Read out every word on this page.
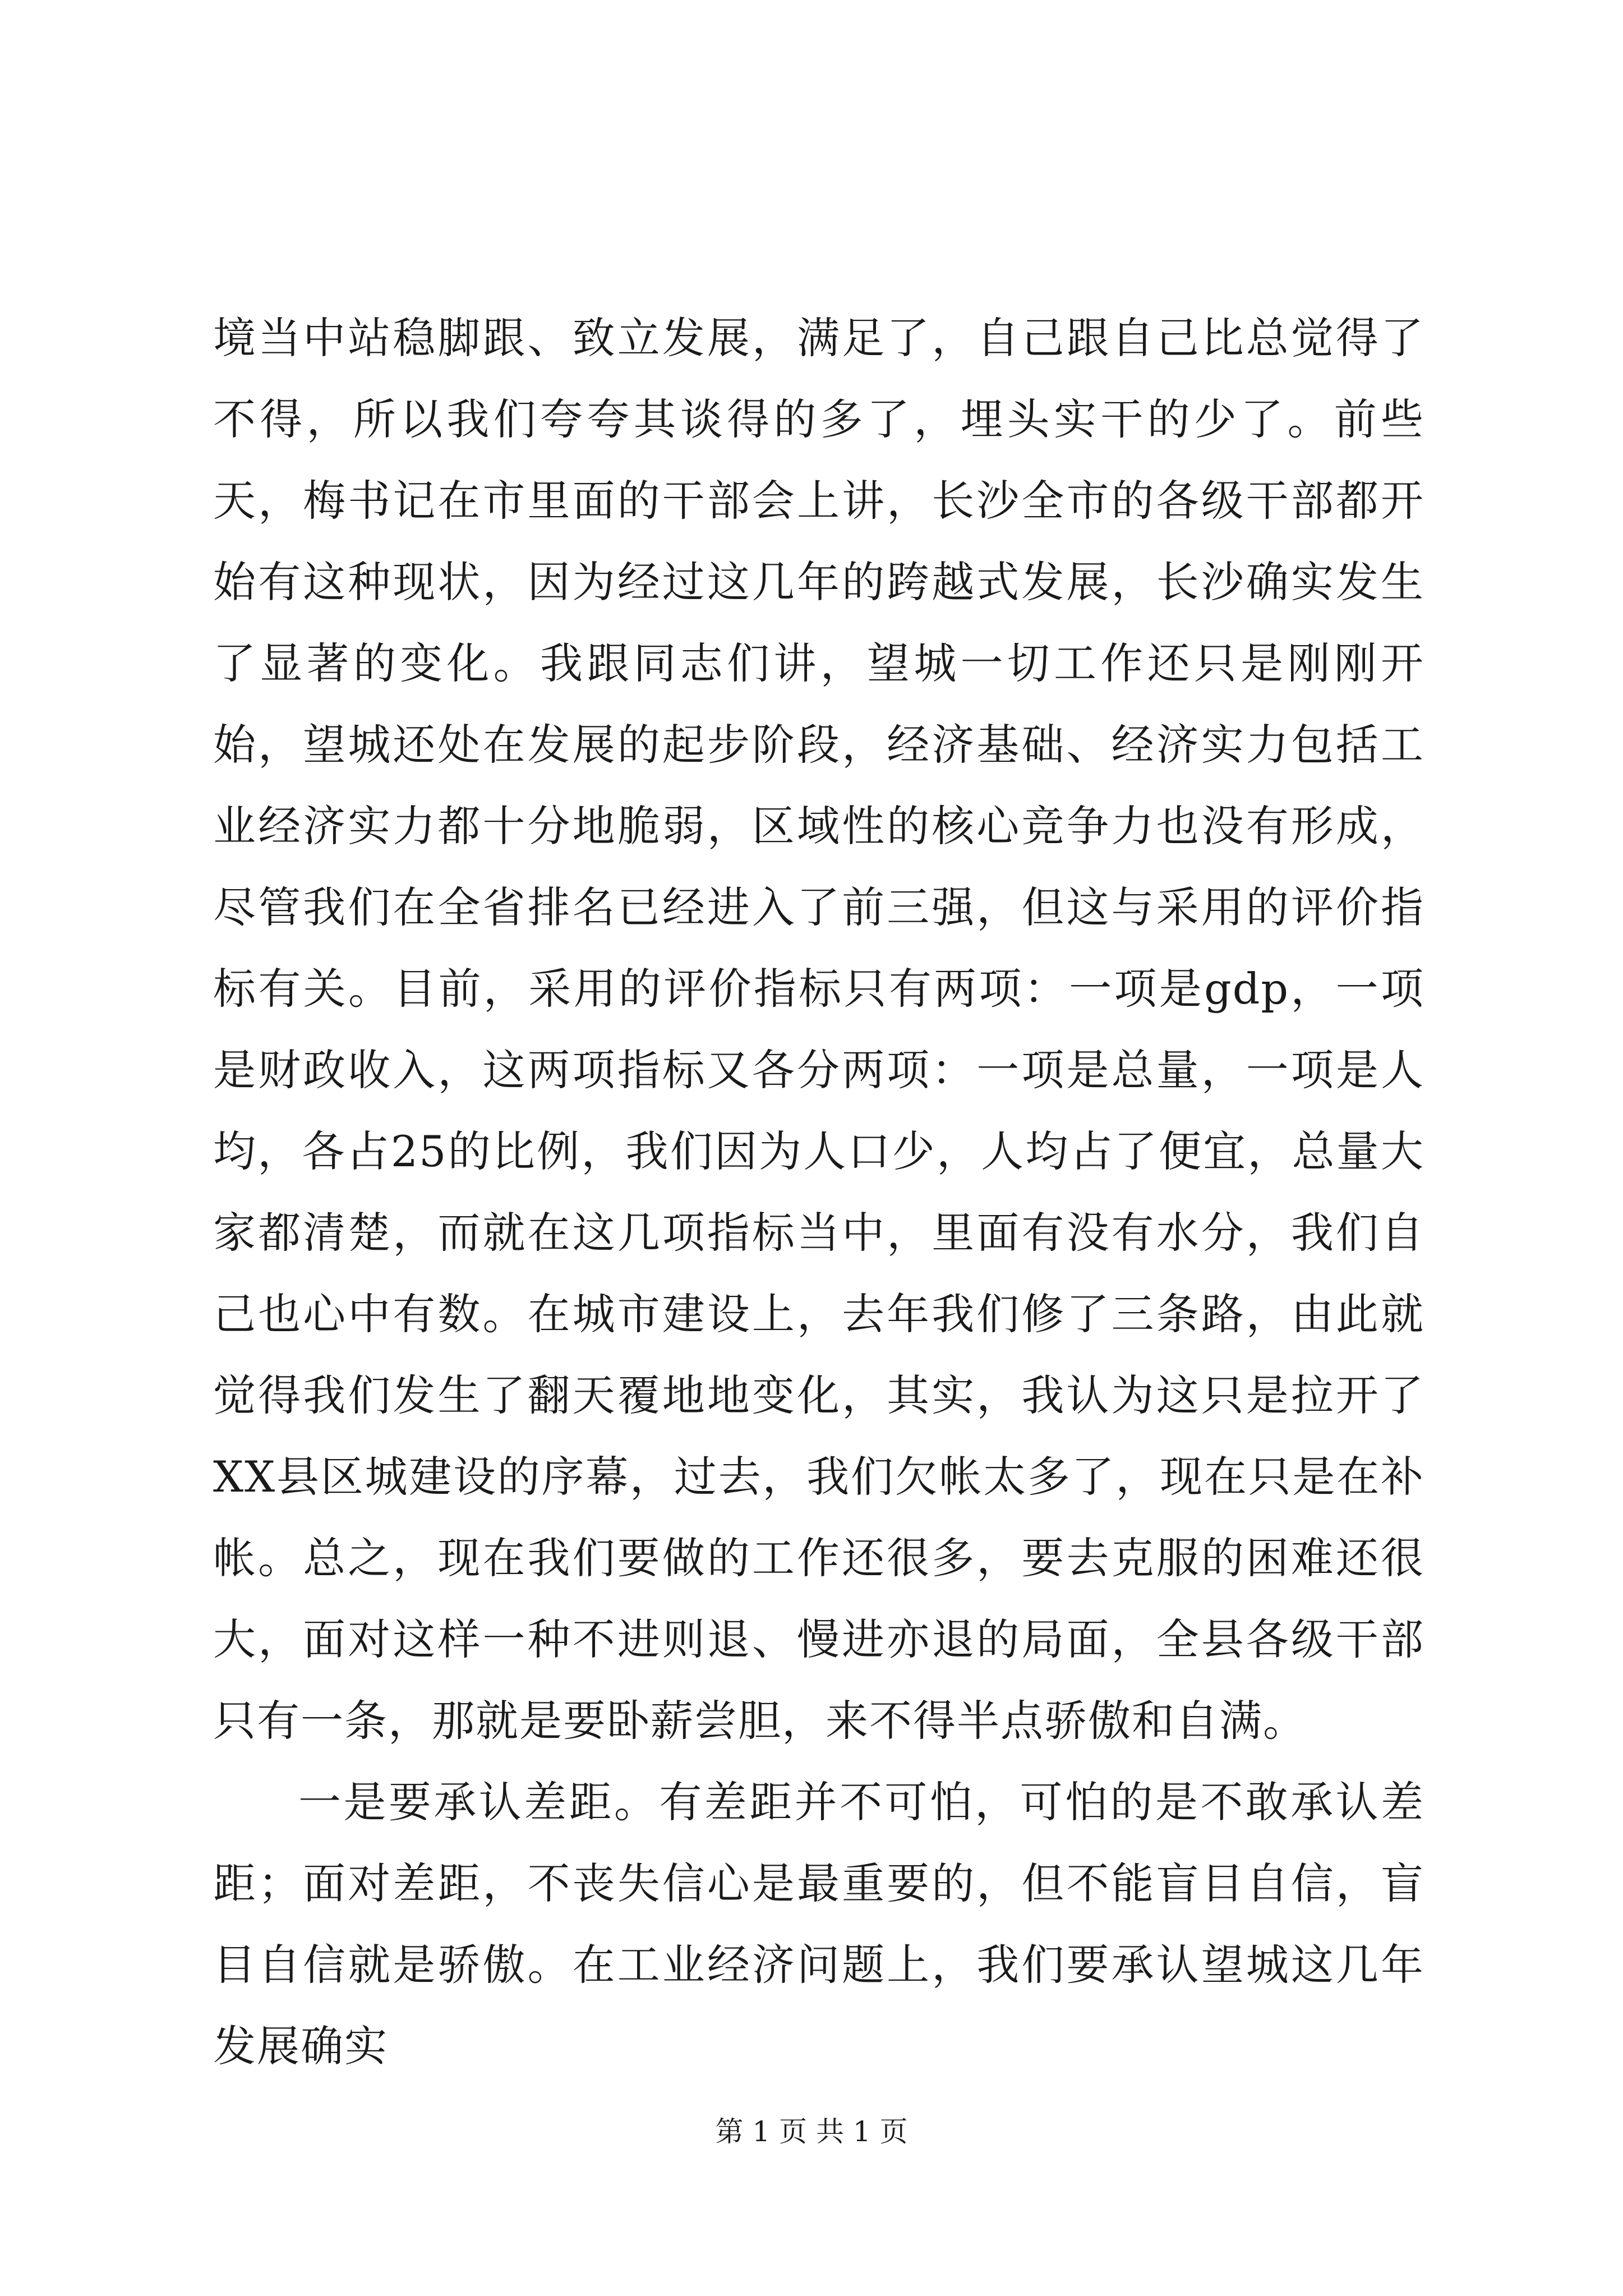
境当中站稳脚跟、致立发展，满足了，自己跟自己比总觉得了不得，所以我们夸夸其谈得的多了，埋头实干的少了。前些天，梅书记在市里面的干部会上讲，长沙全市的各级干部都开始有这种现状，因为经过这几年的跨越式发展，长沙确实发生了显著的变化。我跟同志们讲，望城一切工作还只是刚刚开始，望城还处在发展的起步阶段，经济基础、经济实力包括工业经济实力都十分地脆弱，区域性的核心竞争力也没有形成，尽管我们在全省排名已经进入了前三强，但这与采用的评价指标有关。目前，采用的评价指标只有两项：一项是gdp，一项是财政收入，这两项指标又各分两项：一项是总量，一项是人均，各占25的比例，我们因为人口少，人均占了便宜，总量大家都清楚，而就在这几项指标当中，里面有没有水分，我们自己也心中有数。在城市建设上，去年我们修了三条路，由此就觉得我们发生了翻天覆地地变化，其实，我认为这只是拉开了XX县区城建设的序幕，过去，我们欠帐太多了，现在只是在补帐。总之，现在我们要做的工作还很多，要去克服的困难还很大，面对这样一种不进则退、慢进亦退的局面，全县各级干部只有一条，那就是要卧薪尝胆，来不得半点骄傲和自满。

一是要承认差距。有差距并不可怕，可怕的是不敢承认差距；面对差距，不丧失信心是最重要的，但不能盲目自信，盲目自信就是骄傲。在工业经济问题上，我们要承认望城这几年发展确实

第 1 页 共 1 页
